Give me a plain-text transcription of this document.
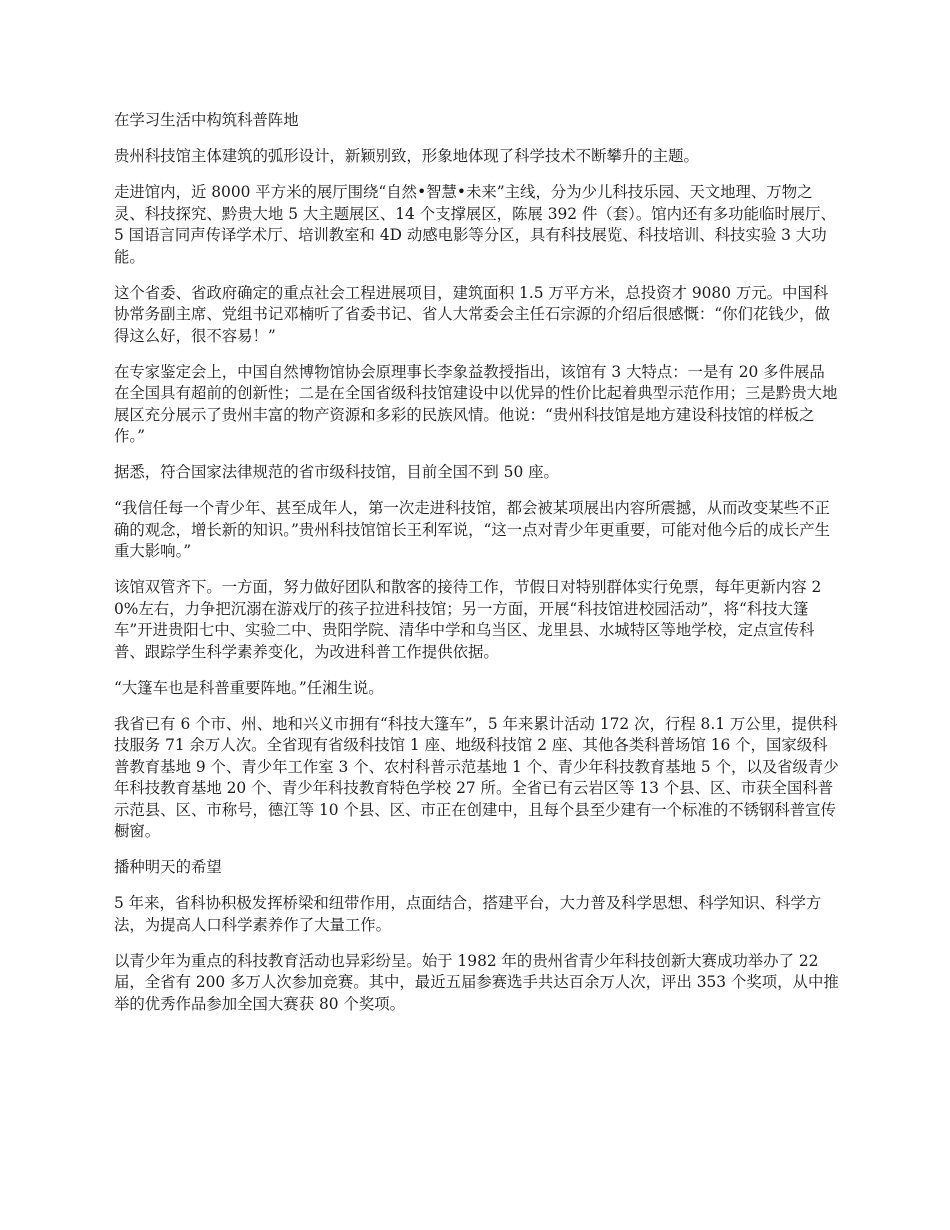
在学习生活中构筑科普阵地

贵州科技馆主体建筑的弧形设计，新颖别致，形象地体现了科学技术不断攀升的主题。

走进馆内，近 8000 平方米的展厅围绕“自然•智慧•未来”主线，分为少儿科技乐园、天文地理、万物之灵、科技探究、黔贵大地 5 大主题展区、14 个支撑展区，陈展 392 件（套）。馆内还有多功能临时展厅、5 国语言同声传译学术厅、培训教室和 4D 动感电影等分区，具有科技展览、科技培训、科技实验 3 大功能。

这个省委、省政府确定的重点社会工程进展项目，建筑面积 1.5 万平方米，总投资才 9080 万元。中国科协常务副主席、党组书记邓楠听了省委书记、省人大常委会主任石宗源的介绍后很感慨：“你们花钱少，做得这么好，很不容易！”

在专家鉴定会上，中国自然博物馆协会原理事长李象益教授指出，该馆有 3 大特点：一是有 20 多件展品在全国具有超前的创新性；二是在全国省级科技馆建设中以优异的性价比起着典型示范作用；三是黔贵大地展区充分展示了贵州丰富的物产资源和多彩的民族风情。他说：“贵州科技馆是地方建设科技馆的样板之作。”

据悉，符合国家法律规范的省市级科技馆，目前全国不到 50 座。

“我信任每一个青少年、甚至成年人，第一次走进科技馆，都会被某项展出内容所震撼，从而改变某些不正确的观念，增长新的知识。”贵州科技馆馆长王利军说，“这一点对青少年更重要，可能对他今后的成长产生重大影响。”

该馆双管齐下。一方面，努力做好团队和散客的接待工作，节假日对特别群体实行免票，每年更新内容 20%左右，力争把沉溺在游戏厅的孩子拉进科技馆；另一方面，开展“科技馆进校园活动”，将“科技大篷车”开进贵阳七中、实验二中、贵阳学院、清华中学和乌当区、龙里县、水城特区等地学校，定点宣传科普、跟踪学生科学素养变化，为改进科普工作提供依据。

“大篷车也是科普重要阵地。”任湘生说。

我省已有 6 个市、州、地和兴义市拥有“科技大篷车”，5 年来累计活动 172 次，行程 8.1 万公里，提供科技服务 71 余万人次。全省现有省级科技馆 1 座、地级科技馆 2 座、其他各类科普场馆 16 个，国家级科普教育基地 9 个、青少年工作室 3 个、农村科普示范基地 1 个、青少年科技教育基地 5 个，以及省级青少年科技教育基地 20 个、青少年科技教育特色学校 27 所。全省已有云岩区等 13 个县、区、市获全国科普示范县、区、市称号，德江等 10 个县、区、市正在创建中，且每个县至少建有一个标准的不锈钢科普宣传橱窗。

播种明天的希望

5 年来，省科协积极发挥桥梁和纽带作用，点面结合，搭建平台，大力普及科学思想、科学知识、科学方法，为提高人口科学素养作了大量工作。

以青少年为重点的科技教育活动也异彩纷呈。始于 1982 年的贵州省青少年科技创新大赛成功举办了 22 届，全省有 200 多万人次参加竞赛。其中，最近五届参赛选手共达百余万人次，评出 353 个奖项，从中推举的优秀作品参加全国大赛获 80 个奖项。
